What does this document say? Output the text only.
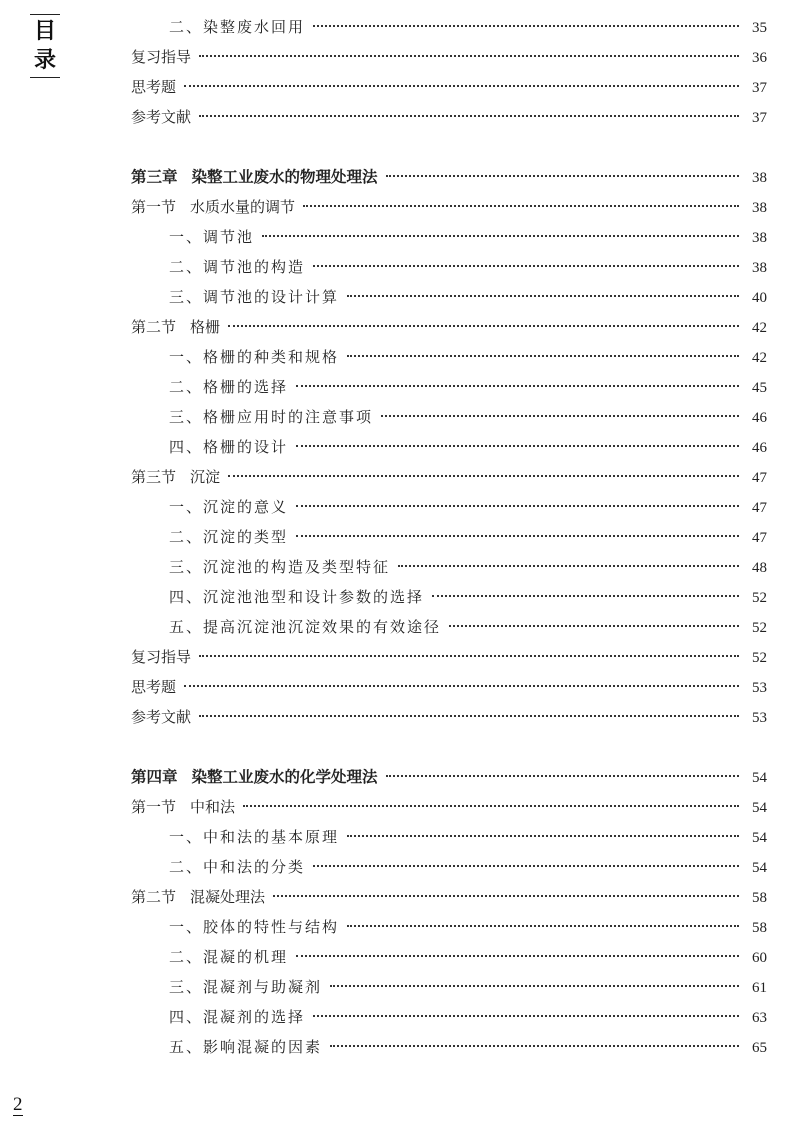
目
录
二、染整废水回用	35
复习指导	36
思考题	37
参考文献	37
第三章 染整工业废水的物理处理法	38
第一节 水质水量的调节	38
一、调节池	38
二、调节池的构造	38
三、调节池的设计计算	40
第二节 格栅	42
一、格栅的种类和规格	42
二、格栅的选择	45
三、格栅应用时的注意事项	46
四、格栅的设计	46
第三节 沉淀	47
一、沉淀的意义	47
二、沉淀的类型	47
三、沉淀池的构造及类型特征	48
四、沉淀池池型和设计参数的选择	52
五、提高沉淀池沉淀效果的有效途径	52
复习指导	52
思考题	53
参考文献	53
第四章 染整工业废水的化学处理法	54
第一节 中和法	54
一、中和法的基本原理	54
二、中和法的分类	54
第二节 混凝处理法	58
一、胶体的特性与结构	58
二、混凝的机理	60
三、混凝剂与助凝剂	61
四、混凝剂的选择	63
五、影响混凝的因素	65
2
